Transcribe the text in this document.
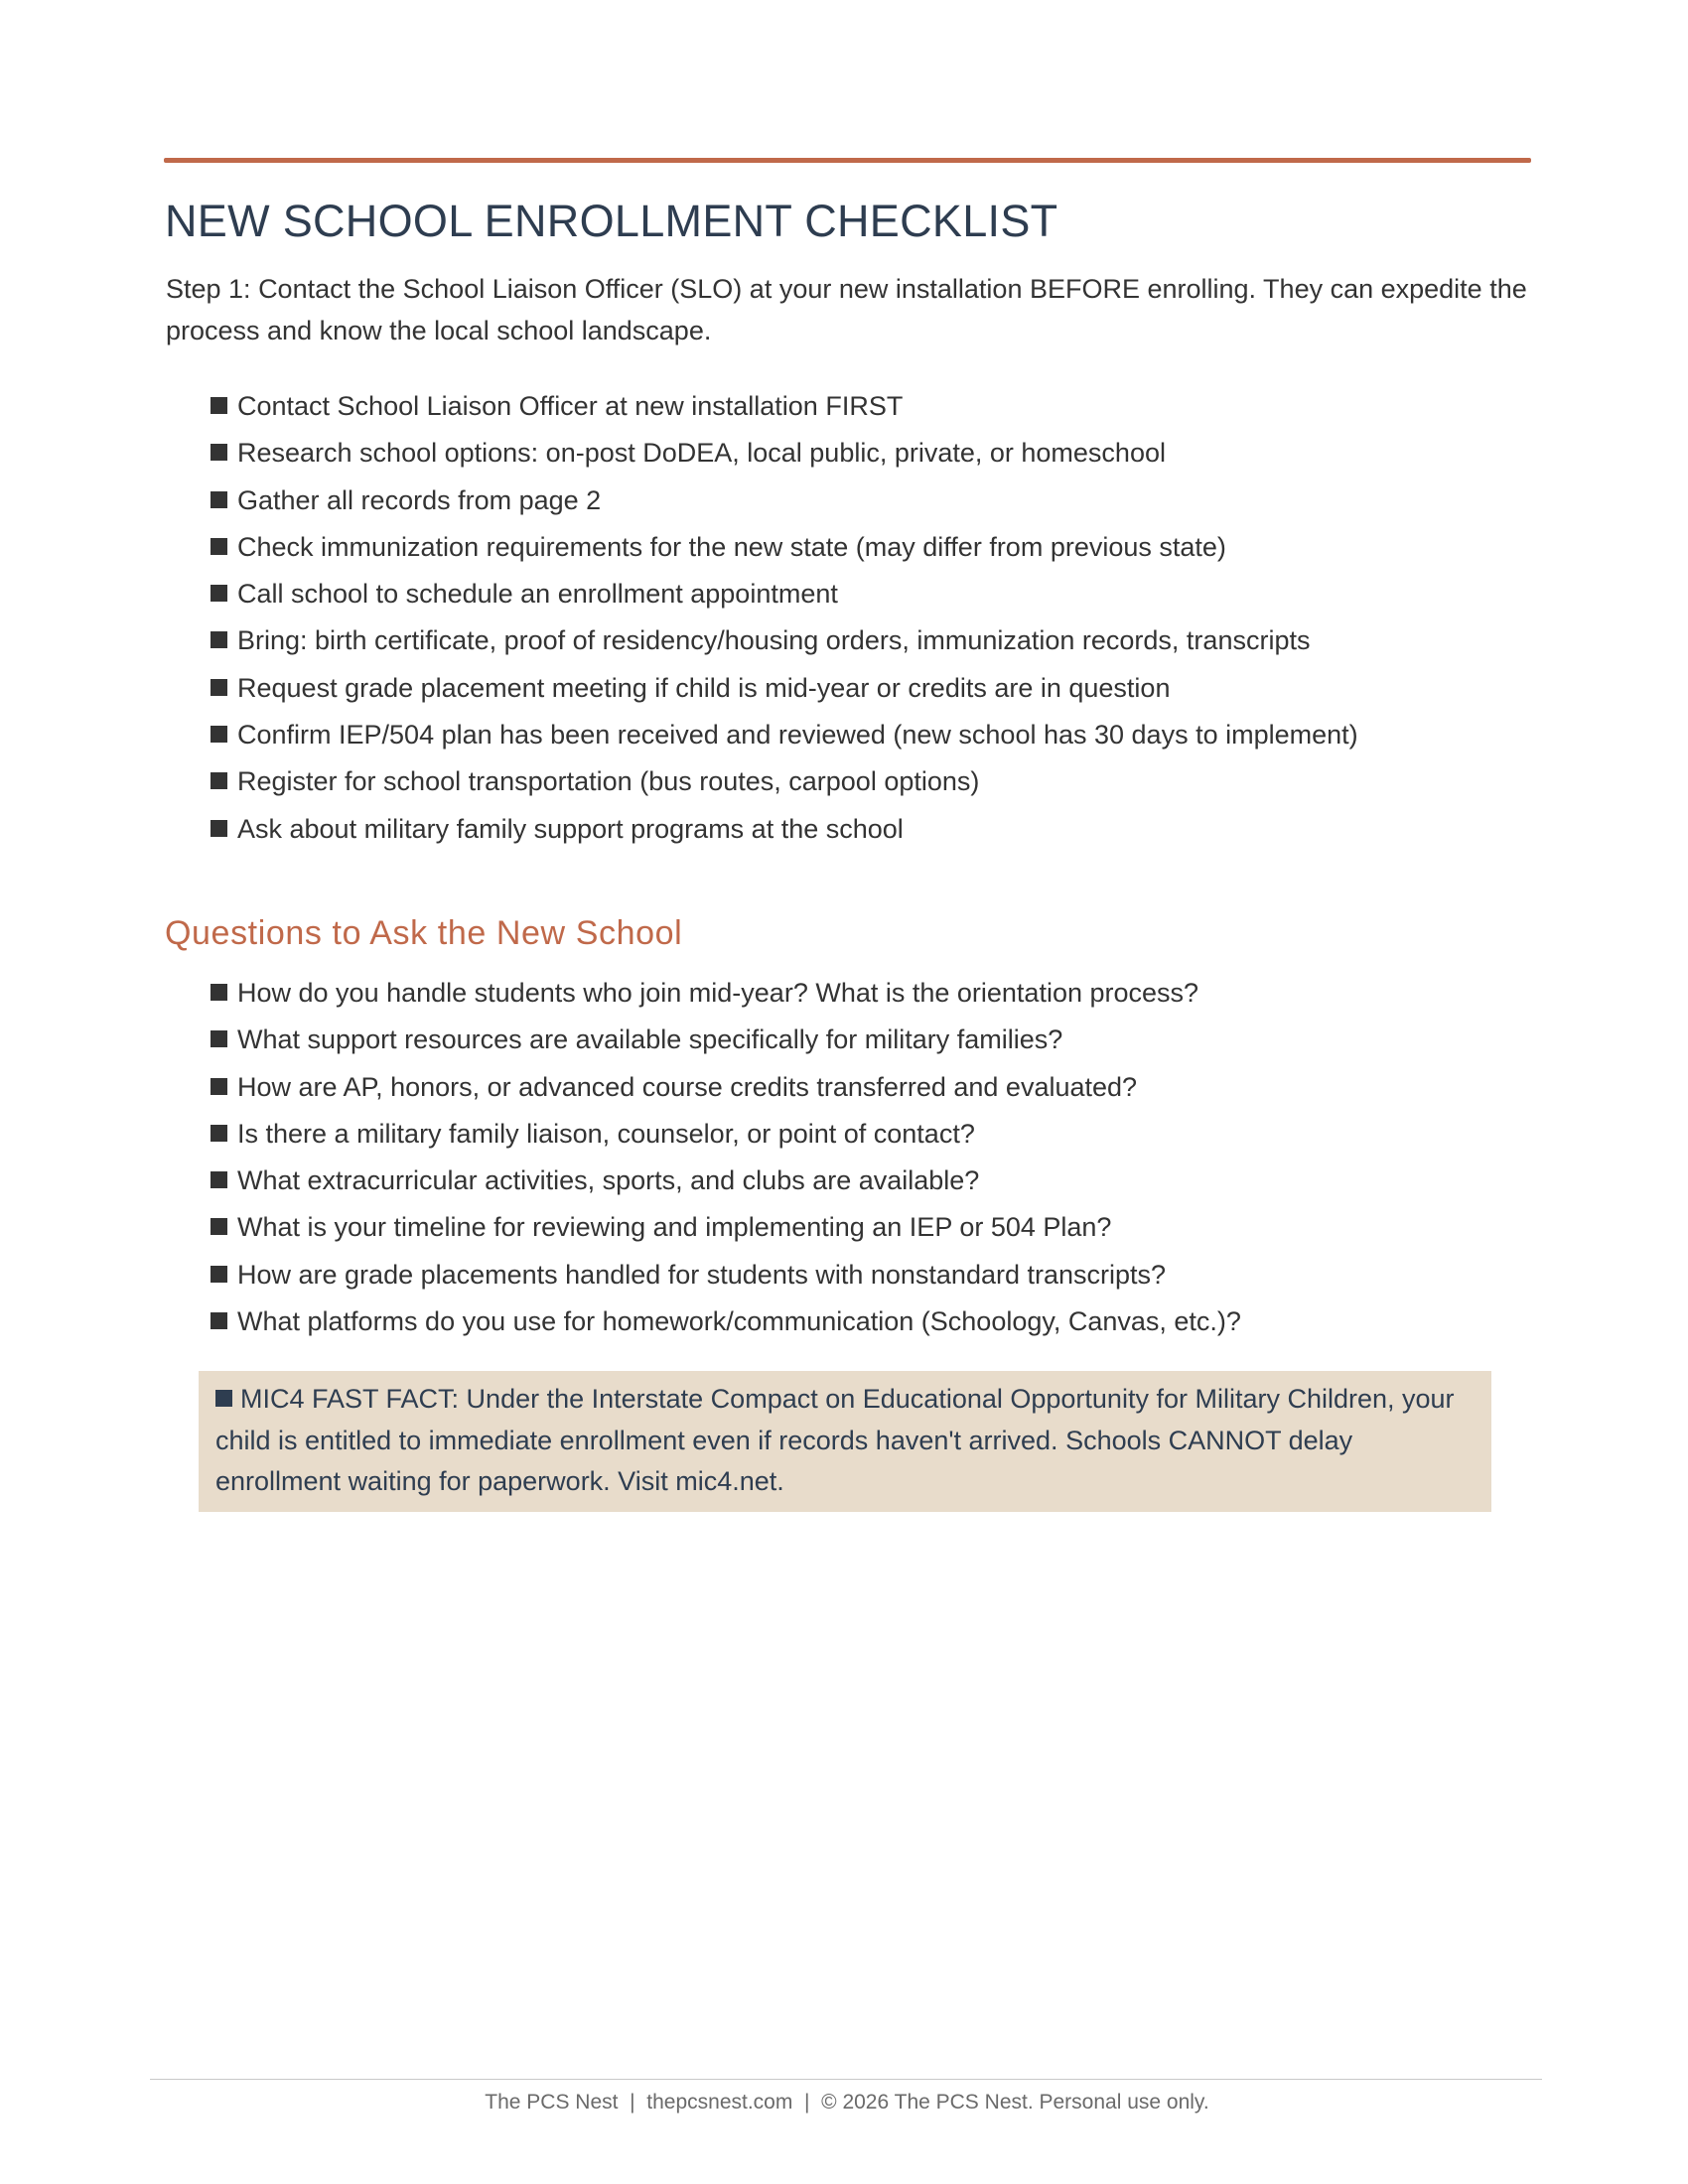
NEW SCHOOL ENROLLMENT CHECKLIST

Step 1: Contact the School Liaison Officer (SLO) at your new installation BEFORE enrolling. They can expedite the process and know the local school landscape.

Contact School Liaison Officer at new installation FIRST
Research school options: on-post DoDEA, local public, private, or homeschool
Gather all records from page 2
Check immunization requirements for the new state (may differ from previous state)
Call school to schedule an enrollment appointment
Bring: birth certificate, proof of residency/housing orders, immunization records, transcripts
Request grade placement meeting if child is mid-year or credits are in question
Confirm IEP/504 plan has been received and reviewed (new school has 30 days to implement)
Register for school transportation (bus routes, carpool options)
Ask about military family support programs at the school
Questions to Ask the New School
How do you handle students who join mid-year? What is the orientation process?
What support resources are available specifically for military families?
How are AP, honors, or advanced course credits transferred and evaluated?
Is there a military family liaison, counselor, or point of contact?
What extracurricular activities, sports, and clubs are available?
What is your timeline for reviewing and implementing an IEP or 504 Plan?
How are grade placements handled for students with nonstandard transcripts?
What platforms do you use for homework/communication (Schoology, Canvas, etc.)?

MIC4 FAST FACT: Under the Interstate Compact on Educational Opportunity for Military Children, your child is entitled to immediate enrollment even if records haven't arrived. Schools CANNOT delay enrollment waiting for paperwork. Visit mic4.net.

The PCS Nest  |  thepcsnest.com  |  © 2026 The PCS Nest. Personal use only.
